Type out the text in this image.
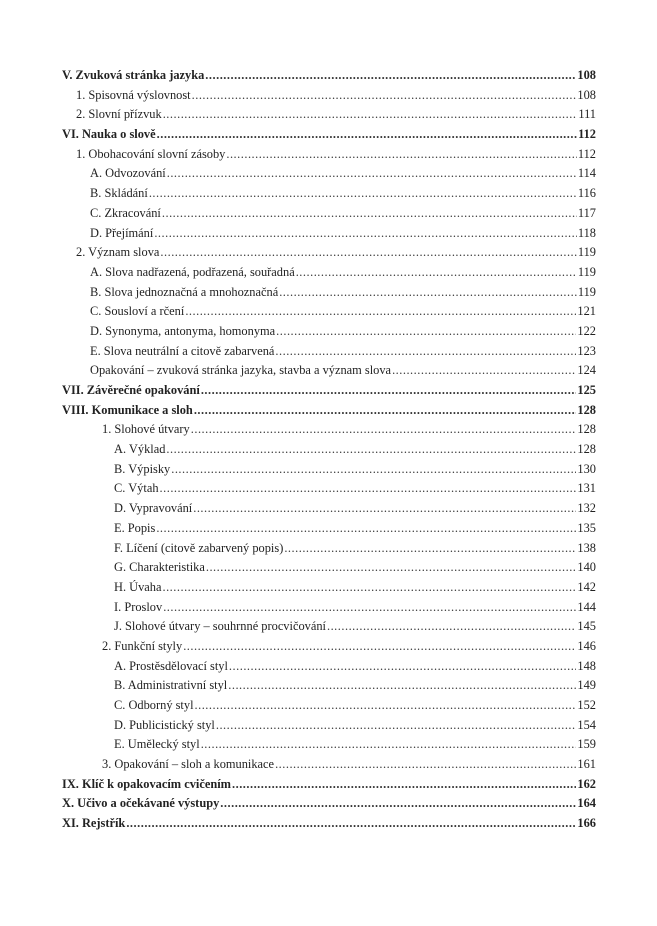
V. Zvuková stránka jazyka .....	108
1. Spisovná výslovnost .....	108
2. Slovní přízvuk .....	111
VI. Nauka o slově .....	112
1. Obohacování slovní zásoby .....	112
A. Odvozování .....	114
B. Skládání .....	116
C. Zkracování .....	117
D. Přejímání .....	118
2. Význam slova .....	119
A. Slova nadřazená, podřazená, souřadná .....	119
B. Slova jednoznačná a mnohoznačná .....	119
C. Sousloví a rčení .....	121
D. Synonyma, antonyma, homonyma .....	122
E. Slova neutrální a citově zabarvená .....	123
Opakování – zvuková stránka jazyka, stavba a význam slova .....	124
VII. Závěrečné opakování .....	125
VIII. Komunikace a sloh .....	128
1. Slohové útvary .....	128
A. Výklad .....	128
B. Výpisky .....	130
C. Výtah .....	131
D. Vypravování .....	132
E. Popis .....	135
F. Líčení (citově zabarvený popis) .....	138
G. Charakteristika .....	140
H. Úvaha .....	142
I. Proslov .....	144
J. Slohové útvary – souhrnné procvičování .....	145
2. Funkční styly .....	146
A. Prostěsdělovací styl .....	148
B. Administrativní styl .....	149
C. Odborný styl .....	152
D. Publicistický styl .....	154
E. Umělecký styl .....	159
3. Opakování – sloh a komunikace .....	161
IX. Klíč k opakovacím cvičením .....	162
X. Učivo a očekávané výstupy .....	164
XI. Rejstřík .....	166
